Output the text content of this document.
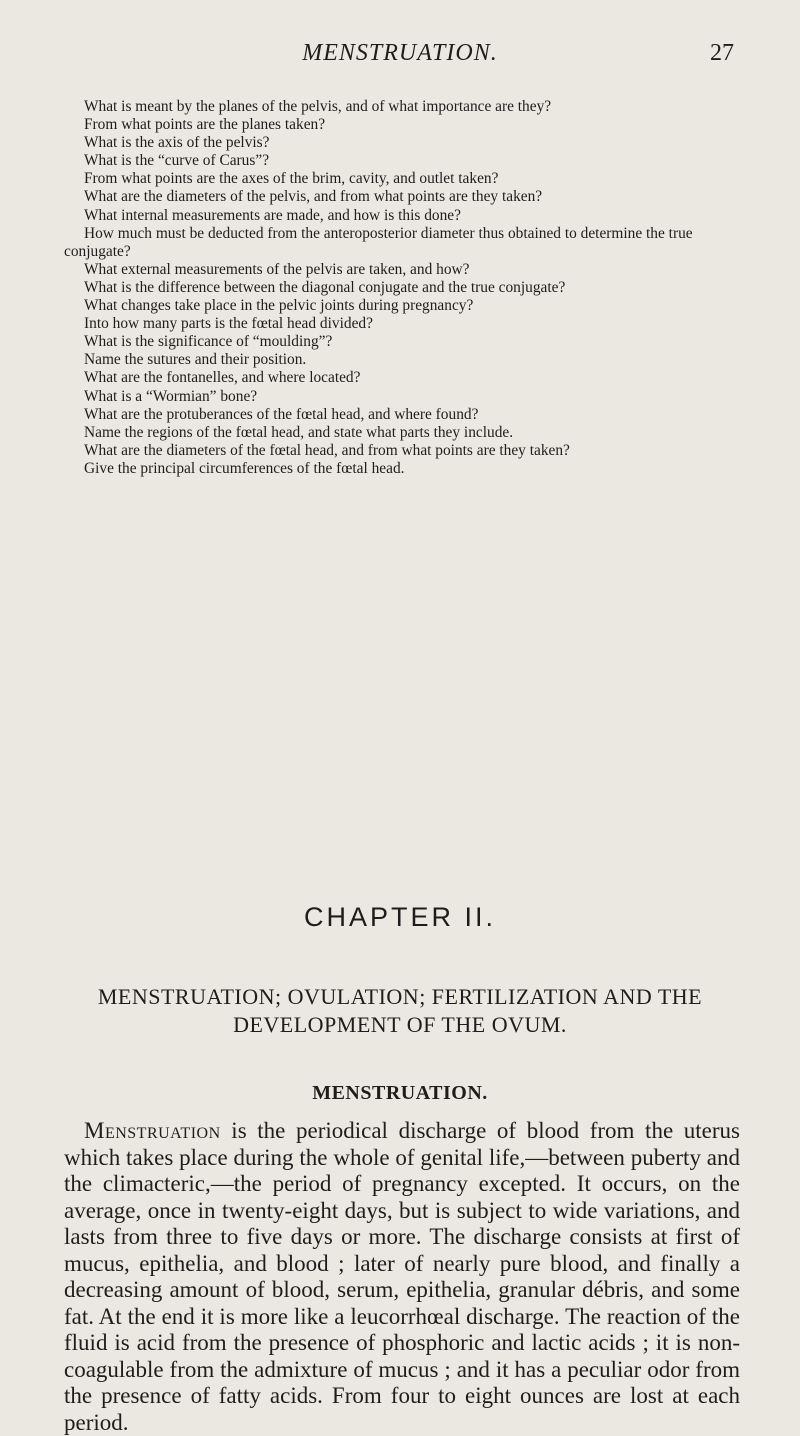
MENSTRUATION.	27

What is meant by the planes of the pelvis, and of what importance are they?

From what points are the planes taken?

What is the axis of the pelvis?

What is the “curve of Carus”?

From what points are the axes of the brim, cavity, and outlet taken?

What are the diameters of the pelvis, and from what points are they taken?

What internal measurements are made, and how is this done?

How much must be deducted from the anteroposterior diameter thus obtained to determine the true conjugate?

What external measurements of the pelvis are taken, and how?

What is the difference between the diagonal conjugate and the true conjugate?

What changes take place in the pelvic joints during pregnancy?

Into how many parts is the fœtal head divided?

What is the significance of “moulding”?

Name the sutures and their position.

What are the fontanelles, and where located?

What is a “Wormian” bone?

What are the protuberances of the fœtal head, and where found?

Name the regions of the fœtal head, and state what parts they include.

What are the diameters of the fœtal head, and from what points are they taken?

Give the principal circumferences of the fœtal head.

CHAPTER II.
MENSTRUATION; OVULATION; FERTILIZATION AND THE DEVELOPMENT OF THE OVUM.
MENSTRUATION.

Menstruation is the periodical discharge of blood from the uterus which takes place during the whole of genital life,—between puberty and the climacteric,—the period of pregnancy excepted. It occurs, on the average, once in twenty-eight days, but is subject to wide variations, and lasts from three to five days or more. The discharge consists at first of mucus, epithelia, and blood ; later of nearly pure blood, and finally a decreasing amount of blood, serum, epithelia, granular débris, and some fat. At the end it is more like a leucorrhœal discharge. The reaction of the fluid is acid from the presence of phosphoric and lactic acids ; it is non-coagulable from the admixture of mucus ; and it has a peculiar odor from the presence of fatty acids. From four to eight ounces are lost at each period.
